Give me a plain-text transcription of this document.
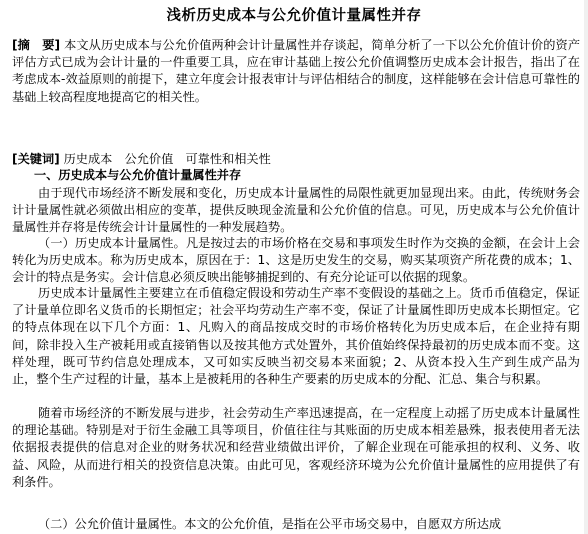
浅析历史成本与公允价值计量属性并存

[摘　要] 本文从历史成本与公允价值两种会计计量属性并存谈起，简单分析了一下以公允价值计价的资产评估方式已成为会计计量的一件重要工具，应在审计基础上按公允价值调整历史成本会计报告，指出了在考虑成本-效益原则的前提下，建立年度会计报表审计与评估相结合的制度，这样能够在会计信息可靠性的基础上较高程度地提高它的相关性。

[关键词] 历史成本　公允价值　可靠性和相关性

一、历史成本与公允价值计量属性并存

由于现代市场经济不断发展和变化，历史成本计量属性的局限性就更加显现出来。由此，传统财务会计计量属性就必须做出相应的变革，提供反映现金流量和公允价值的信息。可见，历史成本与公允价值计量属性并存将是传统会计计量属性的一种发展趋势。

（一）历史成本计量属性。凡是按过去的市场价格在交易和事项发生时作为交换的金额，在会计上会转化为历史成本。称为历史成本，原因在于：1、这是历史发生的交易，购买某项资产所花费的成本；1、会计的特点是务实。会计信息必须反映出能够捕捉到的、有充分论证可以依据的现象。

历史成本计量属性主要建立在币值稳定假设和劳动生产率不变假设的基础之上。货币币值稳定，保证了计量单位即名义货币的长期恒定；社会平均劳动生产率不变，保证了计量属性即历史成本长期恒定。它的特点体现在以下几个方面：1、凡购入的商品按成交时的市场价格转化为历史成本后，在企业持有期间，除非投入生产被耗用或直接销售以及按其他方式处置外，其价值始终保持最初的历史成本而不变。这样处理，既可节约信息处理成本，又可如实反映当初交易本来面貌；2、从资本投入生产到生成产品为止，整个生产过程的计量，基本上是被耗用的各种生产要素的历史成本的分配、汇总、集合与积累。

随着市场经济的不断发展与进步，社会劳动生产率迅速提高，在一定程度上动摇了历史成本计量属性的理论基础。特别是对于衍生金融工具等项目，价值往往与其账面的历史成本相差悬殊，报表使用者无法依据报表提供的信息对企业的财务状况和经营业绩做出评价，了解企业现在可能承担的权利、义务、收益、风险，从而进行相关的投资信息决策。由此可见，客观经济环境为公允价值计量属性的应用提供了有利条件。

（二）公允价值计量属性。本文的公允价值，是指在公平市场交易中，自愿双方所达成
